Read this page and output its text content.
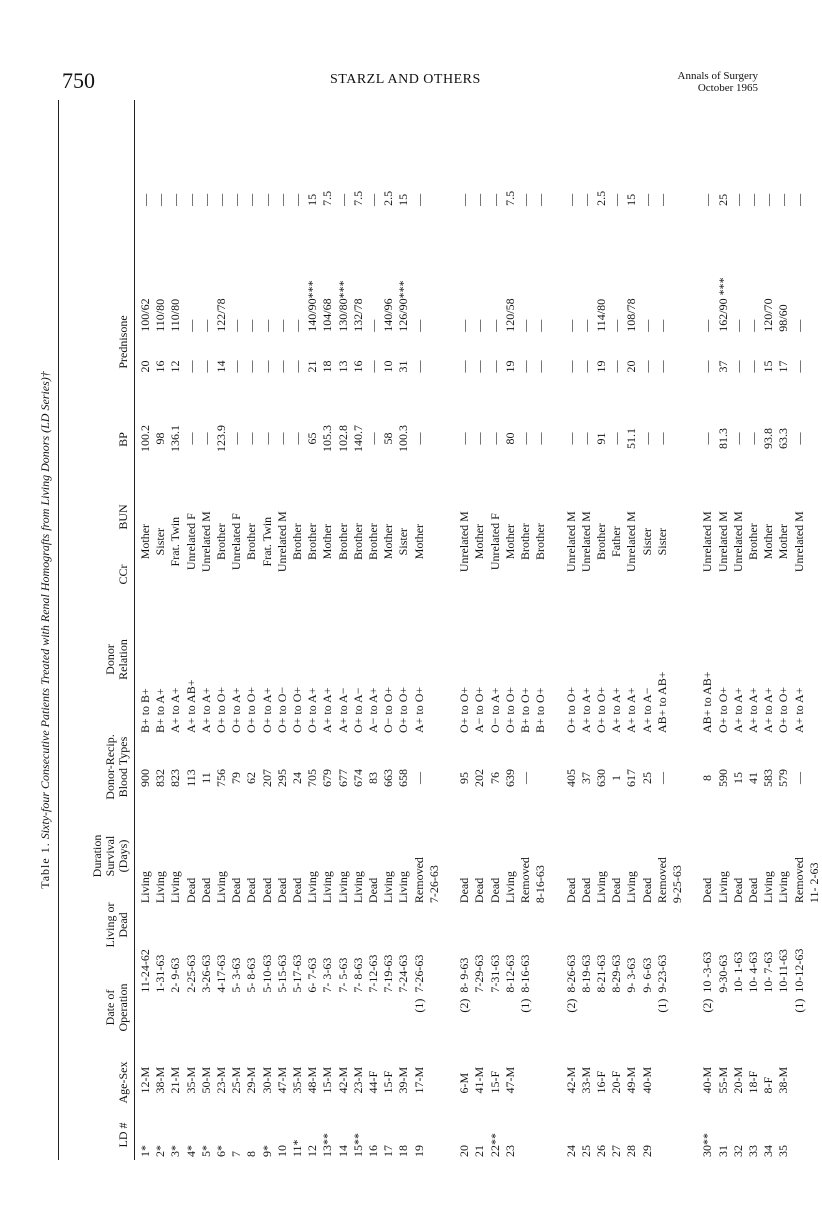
750	STARZL AND OTHERS	Annals of Surgery
October 1965
Table 1. Sixty-four Consecutive Patients Treated with Renal Homografts from Living Donors (LD Series)†
LD #
Age-Sex
Date of
Operation
Living or
Dead
Duration
Survival
(Days)
Donor-Recip.
Blood Types
Donor
Relation
CCr
BUN
BP
Prednisone
1*	12-M		11-24-62	Living	900	B+ to B+	Mother	100.2	20	100/62	—
2*	38-M		1-31-63	Living	832	B+ to A+	Sister	98	16	110/80	—
3*	21-M		2- 9-63	Living	823	A+ to A+	Frat. Twin	136.1	12	110/80	—
4*	35-M		2-25-63	Dead	113	A+ to AB+	Unrelated F	—	—	—	—
5*	50-M		3-26-63	Dead	11	A+ to A+	Unrelated M	—	—	—	—
6*	23-M		4-17-63	Living	756	O+ to O+	Brother	123.9	14	122/78	—
7	25-M		5- 3-63	Dead	79	O+ to A+	Unrelated F	—	—	—	—
8	29-M		5- 8-63	Dead	62	O+ to O+	Brother	—	—	—	—
9*	30-M		5-10-63	Dead	207	O+ to A+	Frat. Twin	—	—	—	—
10	47-M		5-15-63	Dead	295	O+ to O−	Unrelated M	—	—	—	—
11*	35-M		5-17-63	Dead	24	O+ to O+	Brother	—	—	—	—
12	48-M		6- 7-63	Living	705	O+ to A+	Brother	65	21	140/90***	15
13**	15-M		7- 3-63	Living	679	A+ to A+	Mother	105.3	18	104/68	7.5
14	42-M		7- 5-63	Living	677	A+ to A−	Brother	102.8	13	130/80***	—
15**	23-M		7- 8-63	Living	674	O+ to A−	Brother	140.7	16	132/78	7.5
16	44-F		7-12-63	Dead	83	A− to A+	Brother	—	—	—	—
17	15-F		7-19-63	Living	663	O− to O+	Mother	58	10	140/96	2.5
18	39-M		7-24-63	Living	658	O+ to O+	Sister	100.3	31	126/90***	15
19	17-M	(1)	7-26-63	Removed	—	A+ to O+	Mother	—	—	—	—
				7-26-63							

20	6-M	(2)	8- 9-63	Dead	95	O+ to O+	Unrelated M	—	—	—	—
21	41-M		7-29-63	Dead	202	A− to O+	Mother	—	—	—	—
22**	15-F		7-31-63	Dead	76	O− to A+	Unrelated F	—	—	—	—
23	47-M		8-12-63	Living	639	O+ to O+	Mother	80	19	120/58	7.5
		(1)	8-16-63	Removed	—	B+ to O+	Brother	—	—	—	—
				8-16-63		B+ to O+	Brother	—	—	—	—

24	42-M	(2)	8-26-63	Dead	405	O+ to O+	Unrelated M	—	—	—	—
25	33-M		8-19-63	Dead	37	A+ to A+	Unrelated M	—	—	—	—
26	16-F		8-21-63	Living	630	O+ to O+	Brother	91	19	114/80	2.5
27	20-F		8-29-63	Dead	1	A+ to A+	Father	—	—	—	—
28	49-M		9- 3-63	Living	617	A+ to A+	Unrelated M	51.1	20	108/78	15
29	40-M		9- 6-63	Dead	25	A+ to A−	Sister	—	—	—	—
		(1)	9-23-63	Removed	—	AB+ to AB+	Sister	—	—	—	—
				9-25-63							

30**	40-M	(2)	10 -3-63	Dead	8	AB+ to AB+	Unrelated M	—	—	—	—
31	55-M		9-30-63	Living	590	O+ to O+	Unrelated M	81.3	37	162/90 ***	25
32	20-M		10- 1-63	Dead	15	A+ to A+	Unrelated M	—	—	—	—
33	18-F		10- 4-63	Dead	41	A+ to A+	Brother	—	—	—	—
34	8-F		10- 7-63	Living	583	A+ to A+	Mother	93.8	15	120/70	—
35	38-M		10-11-63	Living	579	O+ to O+	Mother	63.3	17	98/60	—
		(1)	10-12-63	Removed	—	A+ to A+	Unrelated M	—	—	—	—
				11- 2-63							
